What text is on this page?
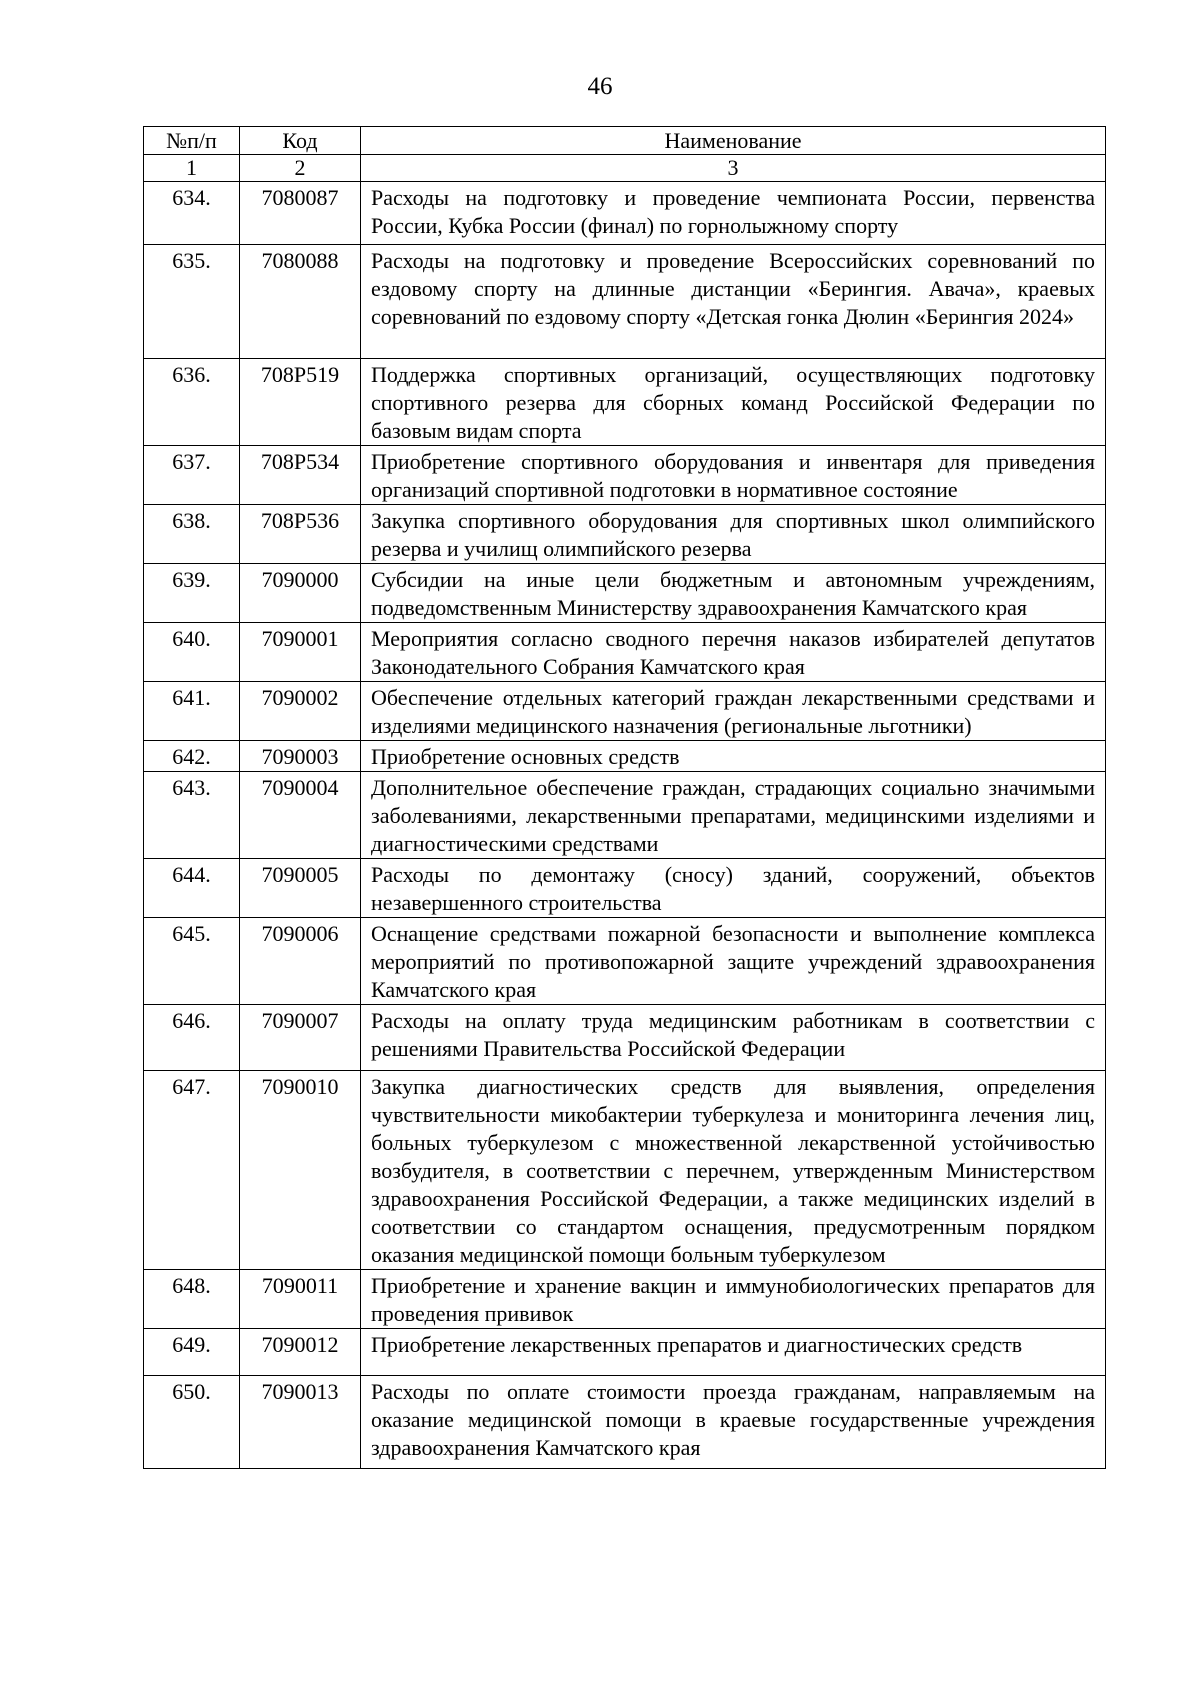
46
№п/п	Код	Наименование
1	2	3
634.	7080087	Расходы на подготовку и проведение чемпионата России, первенства России, Кубка России (финал) по горнолыжному спорту
635.	7080088	Расходы на подготовку и проведение Всероссийских соревнований по ездовому спорту на длинные дистанции «Берингия. Авача», краевых соревнований по ездовому спорту «Детская гонка Дюлин «Берингия 2024»
636.	708P519	Поддержка спортивных организаций, осуществляющих подготовку спортивного резерва для сборных команд Российской Федерации по базовым видам спорта
637.	708P534	Приобретение спортивного оборудования и инвентаря для приведения организаций спортивной подготовки в нормативное состояние
638.	708P536	Закупка спортивного оборудования для спортивных школ олимпийского резерва и училищ олимпийского резерва
639.	7090000	Субсидии на иные цели бюджетным и автономным учреждениям, подведомственным Министерству здравоохранения Камчатского края
640.	7090001	Мероприятия согласно сводного перечня наказов избирателей депутатов Законодательного Собрания Камчатского края
641.	7090002	Обеспечение отдельных категорий граждан лекарственными средствами и изделиями медицинского назначения (региональные льготники)
642.	7090003	Приобретение основных средств
643.	7090004	Дополнительное обеспечение граждан, страдающих социально значимыми заболеваниями, лекарственными препаратами, медицинскими изделиями и диагностическими средствами
644.	7090005	Расходы по демонтажу (сносу) зданий, сооружений, объектов незавершенного строительства
645.	7090006	Оснащение средствами пожарной безопасности и выполнение комплекса мероприятий по противопожарной защите учреждений здравоохранения Камчатского края
646.	7090007	Расходы на оплату труда медицинским работникам в соответствии с решениями Правительства Российской Федерации
647.	7090010	Закупка диагностических средств для выявления, определения чувствительности микобактерии туберкулеза и мониторинга лечения лиц, больных туберкулезом с множественной лекарственной устойчивостью возбудителя, в соответствии с перечнем, утвержденным Министерством здравоохранения Российской Федерации, а также медицинских изделий в соответствии со стандартом оснащения, предусмотренным порядком оказания медицинской помощи больным туберкулезом
648.	7090011	Приобретение и хранение вакцин и иммунобиологических препаратов для проведения прививок
649.	7090012	Приобретение лекарственных препаратов и диагностических средств
650.	7090013	Расходы по оплате стоимости проезда гражданам, направляемым на оказание медицинской помощи в краевые государственные учреждения здравоохранения Камчатского края
